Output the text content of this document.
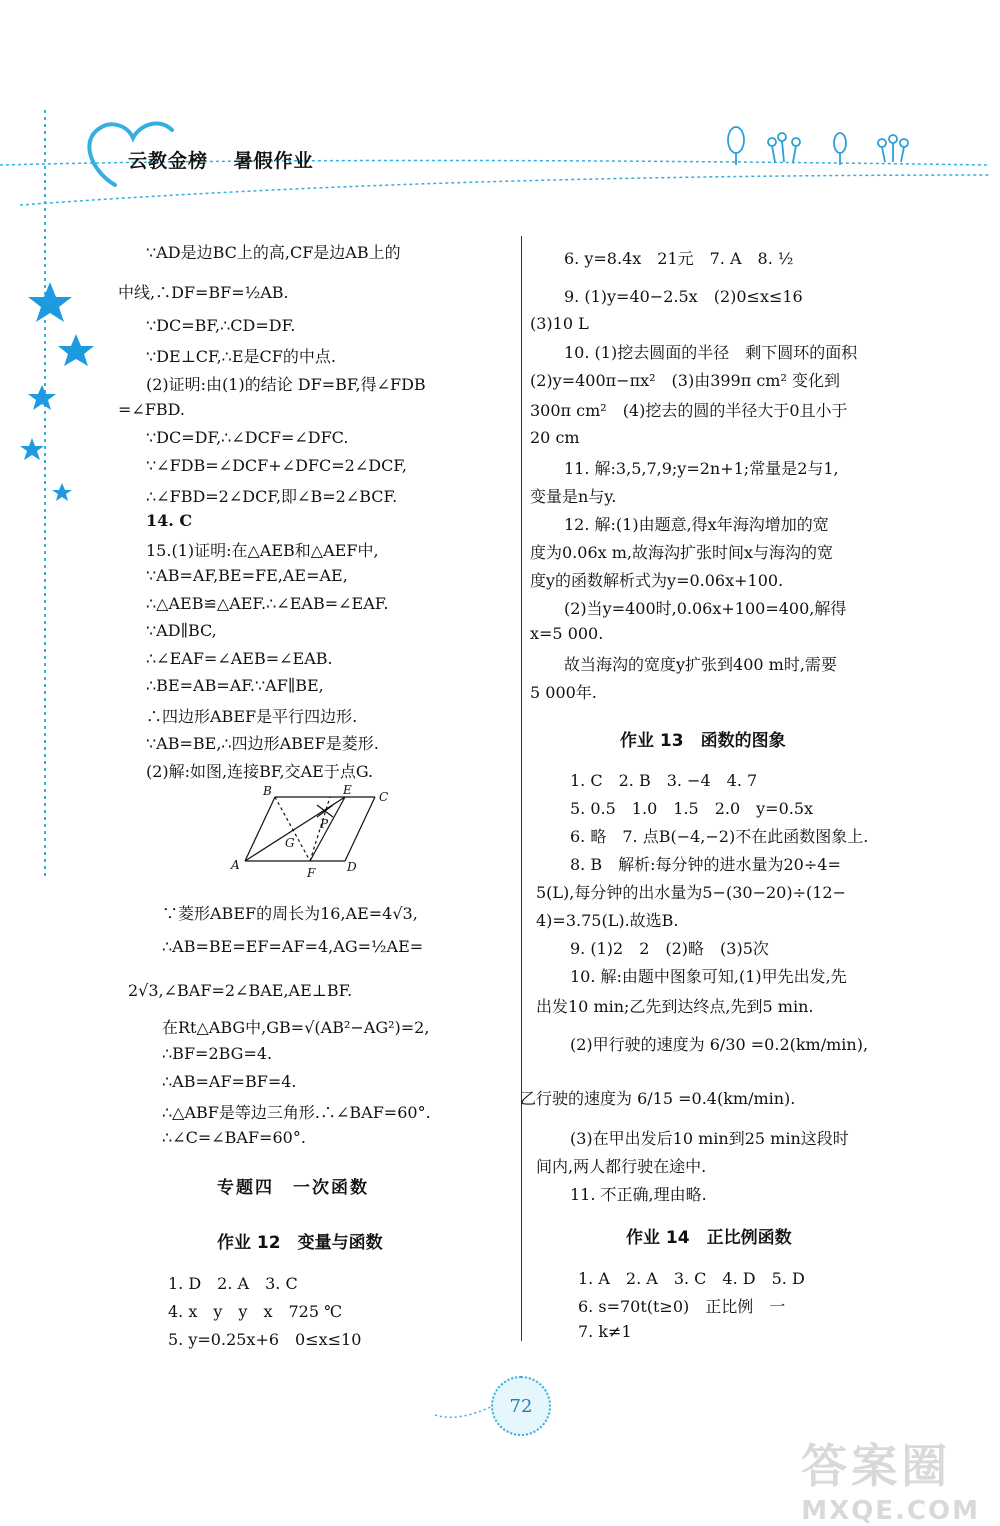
云教金榜 暑假作业
∵AD是边BC上的高,CF是边AB上的
中线,∴DF=BF=½AB.
∵DC=BF,∴CD=DF.
∵DE⊥CF,∴E是CF的中点.
(2)证明:由(1)的结论 DF=BF,得∠FDB
=∠FBD.
∵DC=DF,∴∠DCF=∠DFC.
∵∠FDB=∠DCF+∠DFC=2∠DCF,
∴∠FBD=2∠DCF,即∠B=2∠BCF.
14. C
15.(1)证明:在△AEB和△AEF中,
∵AB=AF,BE=FE,AE=AE,
∴△AEB≌△AEF.∴∠EAB=∠EAF.
∵AD∥BC,
∴∠EAF=∠AEB=∠EAB.
∴BE=AB=AF.∵AF∥BE,
∴四边形ABEF是平行四边形.
∵AB=BE,∴四边形ABEF是菱形.
(2)解:如图,连接BF,交AE于点G.
B	E C
P
G
A
F	D
∵菱形ABEF的周长为16,AE=4√3,
∴AB=BE=EF=AF=4,AG=½AE=
2√3,∠BAF=2∠BAE,AE⊥BF.
在Rt△ABG中,GB=√(AB²−AG²)=2,
∴BF=2BG=4.
∴AB=AF=BF=4.
∴△ABF是等边三角形.∴∠BAF=60°.
∴∠C=∠BAF=60°.
专题四　一次函数
作业 12　变量与函数
1. D　2. A　3. C
4. x　y　y　x　725 ℃
5. y=0.25x+6　0≤x≤10
6. y=8.4x　21元　7. A　8. ½
9. (1)y=40−2.5x　(2)0≤x≤16
(3)10 L
10. (1)挖去圆面的半径　剩下圆环的面积
(2)y=400π−πx²　(3)由399π cm² 变化到
300π cm²　(4)挖去的圆的半径大于0且小于
20 cm
11. 解:3,5,7,9;y=2n+1;常量是2与1,
变量是n与y.
12. 解:(1)由题意,得x年海沟增加的宽
度为0.06x m,故海沟扩张时间x与海沟的宽
度y的函数解析式为y=0.06x+100.
(2)当y=400时,0.06x+100=400,解得
x=5 000.
故当海沟的宽度y扩张到400 m时,需要
5 000年.
作业 13　函数的图象
1. C　2. B　3. −4　4. 7
5. 0.5　1.0　1.5　2.0　y=0.5x
6. 略　7. 点B(−4,−2)不在此函数图象上.
8. B　解析:每分钟的进水量为20÷4=
5(L),每分钟的出水量为5−(30−20)÷(12−
4)=3.75(L).故选B.
9. (1)2　2　(2)略　(3)5次
10. 解:由题中图象可知,(1)甲先出发,先
出发10 min;乙先到达终点,先到5 min.
(2)甲行驶的速度为 6/30 =0.2(km/min),
乙行驶的速度为 6/15 =0.4(km/min).
(3)在甲出发后10 min到25 min这段时
间内,两人都行驶在途中.
11. 不正确,理由略.
作业 14　正比例函数
1. A　2. A　3. C　4. D　5. D
6. s=70t(t≥0)　正比例　一
7. k≠1
72
答案圈
MXQE.COM
